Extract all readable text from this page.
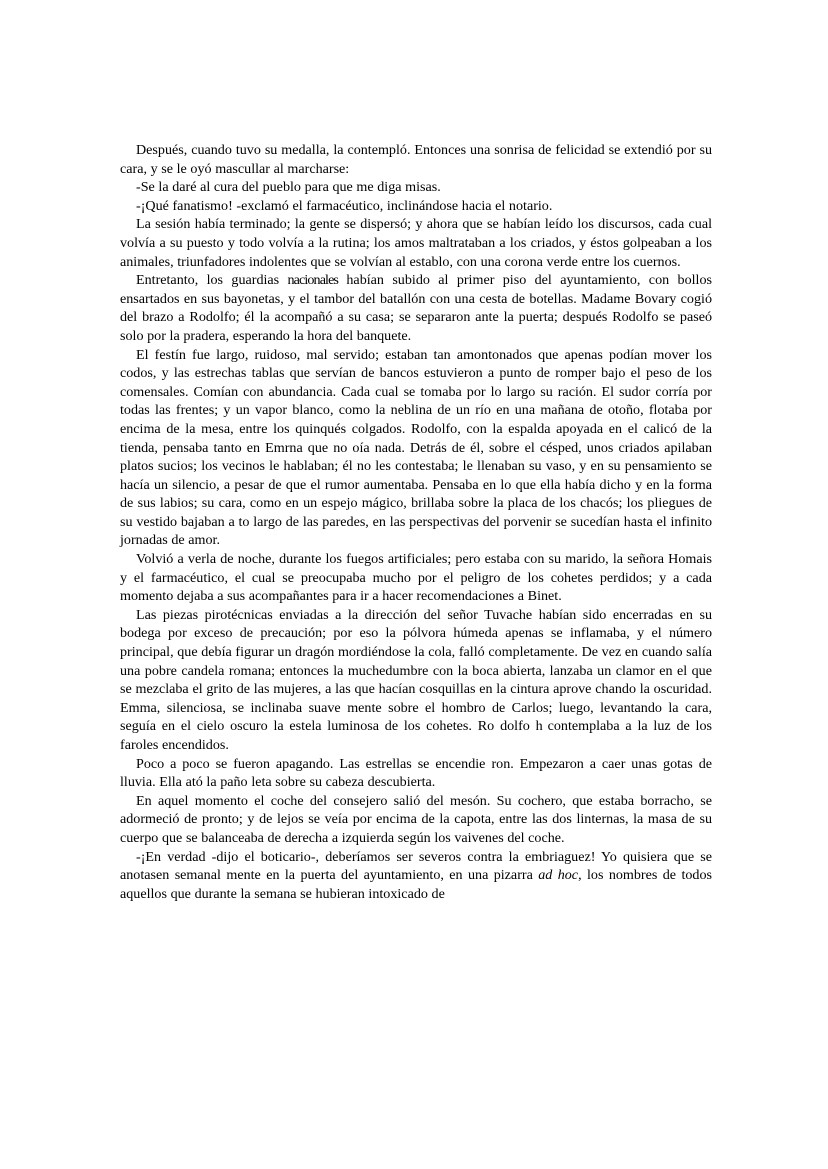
Después, cuando tuvo su medalla, la contempló. Entonces una sonrisa de felicidad se extendió por su cara, y se le oyó mascullar al marcharse:

-Se la daré al cura del pueblo para que me diga misas.

-¡Qué fanatismo! -exclamó el farmacéutico, inclinándose hacia el notario.

La sesión había terminado; la gente se dispersó; y ahora que se habían leído los discursos, cada cual volvía a su puesto y todo volvía a la rutina; los amos maltrataban a los criados, y éstos golpeaban a los animales, triunfadores indolentes que se volvían al establo, con una corona verde entre los cuernos.

Entretanto, los guardias nacionales habían subido al primer piso del ayuntamiento, con bollos ensartados en sus bayonetas, y el tambor del batallón con una cesta de botellas. Madame Bovary cogió del brazo a Rodolfo; él la acompañó a su casa; se separaron ante la puerta; después Rodolfo se paseó solo por la pradera, esperando la hora del banquete.

El festín fue largo, ruidoso, mal servido; estaban tan amontonados que apenas podían mover los codos, y las estrechas tablas que servían de bancos estuvieron a punto de romper bajo el peso de los comensales. Comían con abundancia. Cada cual se tomaba por lo largo su ración. El sudor corría por todas las frentes; y un vapor blanco, como la neblina de un río en una mañana de otoño, flotaba por encima de la mesa, entre los quinqués colgados. Rodolfo, con la espalda apoyada en el calicó de la tienda, pensaba tanto en Emrna que no oía nada. Detrás de él, sobre el césped, unos criados apilaban platos sucios; los vecinos le hablaban; él no les contestaba; le llenaban su vaso, y en su pensamiento se hacía un silencio, a pesar de que el rumor aumentaba. Pensaba en lo que ella había dicho y en la forma de sus labios; su cara, como en un espejo mágico, brillaba sobre la placa de los chacós; los pliegues de su vestido bajaban a to largo de las paredes, en las perspectivas del porvenir se sucedían hasta el infinito jornadas de amor.

Volvió a verla de noche, durante los fuegos artificiales; pero estaba con su marido, la señora Homais y el farmacéutico, el cual se preocupaba mucho por el peligro de los cohetes perdidos; y a cada momento dejaba a sus acompañantes para ir a hacer recomendaciones a Binet.

Las piezas pirotécnicas enviadas a la dirección del señor Tuvache habían sido encerradas en su bodega por exceso de precaución; por eso la pólvora húmeda apenas se inflamaba, y el número principal, que debía figurar un dragón mordiéndose la cola, falló completamente. De vez en cuando salía una pobre candela romana; entonces la muchedumbre con la boca abierta, lanzaba un clamor en el que se mezclaba el grito de las mujeres, a las que hacían cosquillas en la cintura aprove chando la oscuridad. Emma, silenciosa, se inclinaba suave mente sobre el hombro de Carlos; luego, levantando la cara, seguía en el cielo oscuro la estela luminosa de los cohetes. Ro dolfo h contemplaba a la luz de los faroles encendidos.

Poco a poco se fueron apagando. Las estrellas se encendie ron. Empezaron a caer unas gotas de lluvia. Ella ató la paño leta sobre su cabeza descubierta.

En aquel momento el coche del consejero salió del mesón. Su cochero, que estaba borracho, se adormeció de pronto; y de lejos se veía por encima de la capota, entre las dos linternas, la masa de su cuerpo que se balanceaba de derecha a izquierda según los vaivenes del coche.

-¡En verdad -dijo el boticario-, deberíamos ser severos contra la embriaguez! Yo quisiera que se anotasen semanal mente en la puerta del ayuntamiento, en una pizarra ad hoc, los nombres de todos aquellos que durante la semana se hubieran intoxicado de
